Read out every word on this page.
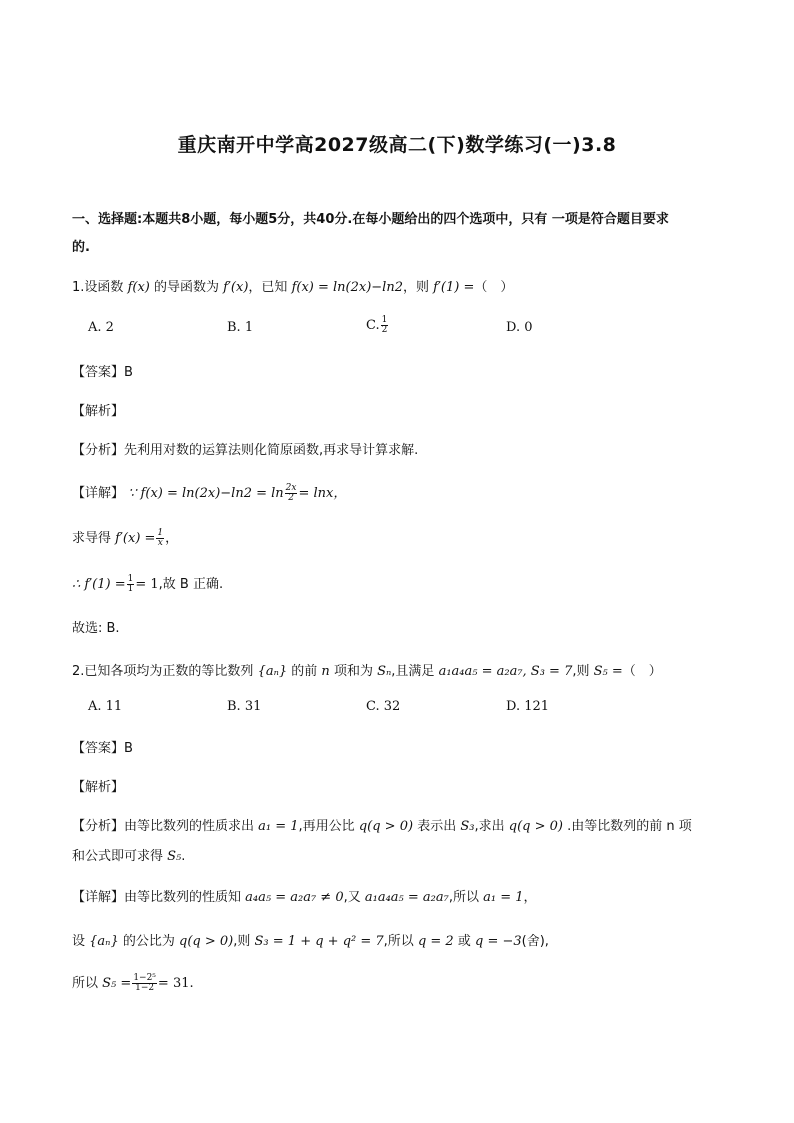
重庆南开中学高2027级高二(下)数学练习(一)3.8
一、选择题:本题共8小题，每小题5分，共40分.在每小题给出的四个选项中，只有 一项是符合题目要求
的.
1.设函数 f(x) 的导函数为 f′(x)，已知 f(x) = ln(2x)−ln2，则 f′(1) =（　）
A. 2	B. 1	C. $\frac{1}{2}$	D. 0
【答案】B
【解析】
【分析】先利用对数的运算法则化简原函数,再求导计算求解.
【详解】 ∵ $f(x) = \ln(2x)-\ln 2 = \ln \frac{2x}{2} = \ln x$，
求导得 $f'(x) = \frac{1}{x}$ ，
∴ $f'(1) = \frac{1}{1} = 1$,故 B 正确.
故选: B.
2.已知各项均为正数的等比数列 {aₙ} 的前 n 项和为 Sₙ,且满足 a₁a₄a₅ = a₂a₇, S₃ = 7,则 S₅ =（　）
A. 11	B. 31	C. 32	D. 121
【答案】B
【解析】
【分析】由等比数列的性质求出 a₁ = 1,再用公比 q(q > 0) 表示出 S₃,求出 q(q > 0) .由等比数列的前 n 项
和公式即可求得 S₅.
【详解】由等比数列的性质知 a₄a₅ = a₂a₇ ≠ 0,又 a₁a₄a₅ = a₂a₇,所以 a₁ = 1，
设 {aₙ} 的公比为 q(q > 0),则 S₃ = 1 + q + q² = 7,所以 q = 2 或 q = −3(舍),
所以 $S_5 = \frac{\text{1−2⁵}}{1-2} = 31$.
